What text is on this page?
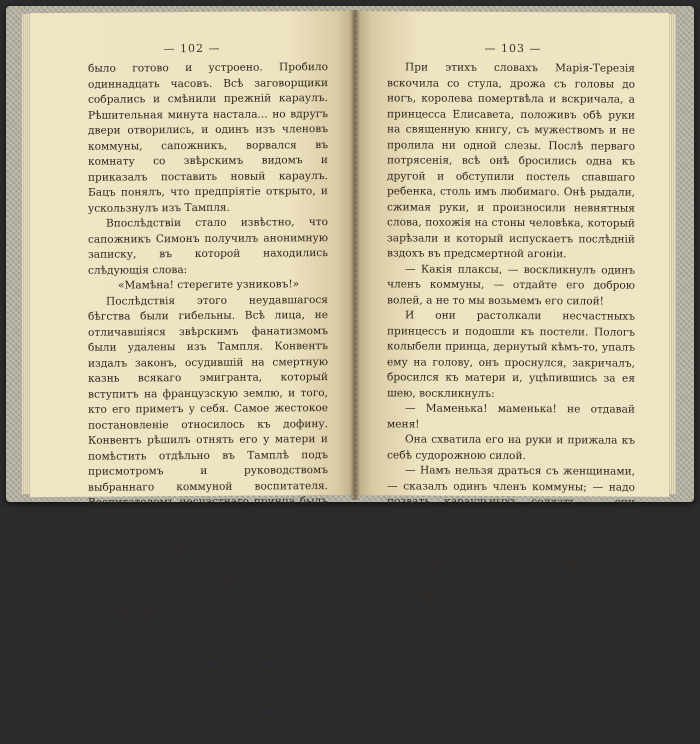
— 102 —

было готово и устроено. Пробило одиннадцать часовъ. Всѣ заговорщики собрались и смѣнили прежній караулъ. Рѣшительная минута настала... но вдругъ двери отворились, и одинъ изъ членовъ коммуны, сапожникъ, ворвался въ комнату со звѣрскимъ видомъ и приказалъ поставить новый караулъ. Бацъ понялъ, что предпріятіе открыто, и ускользнулъ изъ Тампля.

Впослѣдствіи стало извѣстно, что сапожникъ Симонъ получилъ анонимную записку, въ которой находились слѣдующія слова:

«Мамѣна! стерегите узниковъ!»

Послѣдствія этого неудавшагося бѣгства были гибельны. Всѣ лица, не отличавшіяся звѣрскимъ фанатизмомъ были удалены изъ Тампля. Конвентъ издалъ законъ, осудившій на смертную казнь всякаго эмигранта, который вступитъ на французскую землю, и того, кто его приметъ у себя. Самое жестокое постановленіе относилось къ дофину. Конвентъ рѣшилъ отнять его у матери и помѣстить отдѣльно въ Тамплѣ подъ присмотромъ и руководствомъ выбраннаго коммуной воспитателя. Воспитателемъ несчастнаго принца былъ выбранъ сапожникъ Симонъ.

Однажды вечеромъ королева и принцесса Елисавета штопали свои платья, а Марія-Терезія, которой тогда только что минуло двѣнадцать лѣтъ, читала вслухъ книгу духовнаго содержанія. Внезапно въ этотъ поздній часъ послышался шумъ шаговъ, загремѣли замки, и шесть членовъ муниципальнаго совѣта появились въ дверяхъ.

— Мы пришли объявить вамъ, — сказалъ одинъ изъ нихъ, — что члены совѣта постановили разлучить сына Капета съ семействомъ.

— 103 —

При этихъ словахъ Марія-Терезія вскочила со стула, дрожа съ головы до ногъ, королева помертвѣла и вскричала, а принцесса Елисавета, положивъ обѣ руки на священную книгу, съ мужествомъ и не пролила ни одной слезы. Послѣ перваго потрясенія, всѣ онѣ бросились одна къ другой и обступили постель спавшаго ребенка, столь имъ любимаго. Онѣ рыдали, сжимая руки, и произносили невнятныя слова, похожія на стоны человѣка, который зарѣзали и который испускаетъ послѣдній вздохъ въ предсмертной агоніи.

— Какія плаксы, — воскликнулъ одинъ членъ коммуны, — отдайте его доброю волей, а не то мы возьмемъ его силой!

И они растолкали несчастныхъ принцессъ и подошли къ постели. Пологъ колыбели принца, дернутый кѣмъ-то, упалъ ему на голову, онъ проснулся, закричалъ, бросился къ матери и, уцѣпившись за ея шею, воскликнулъ:

— Маменька! маменька! не отдавай меня!

Она схватила его на руки и прижала къ себѣ судорожною силой.

— Намъ нельзя драться съ женщинами, — сказалъ одинъ членъ коммуны; — надо позвать караульныхъ солдатъ — они справятся съ ними.

— Не дѣлайте этого, — сказала твердо принцесса Елисавета. — На вашей сторонѣ сила, мы не можемъ ей противиться, но дайте намъ хоть опомниться. Оставьте намъ дитя только на эту ночь, а завтра мы вамъ его отдадимъ его.

— Обѣщайте, — воскликнула королева, — что вы намъ позволите видѣться съ сыномъ!

— Мы не намѣрены давать тебѣ отчетовъ, — сказали
